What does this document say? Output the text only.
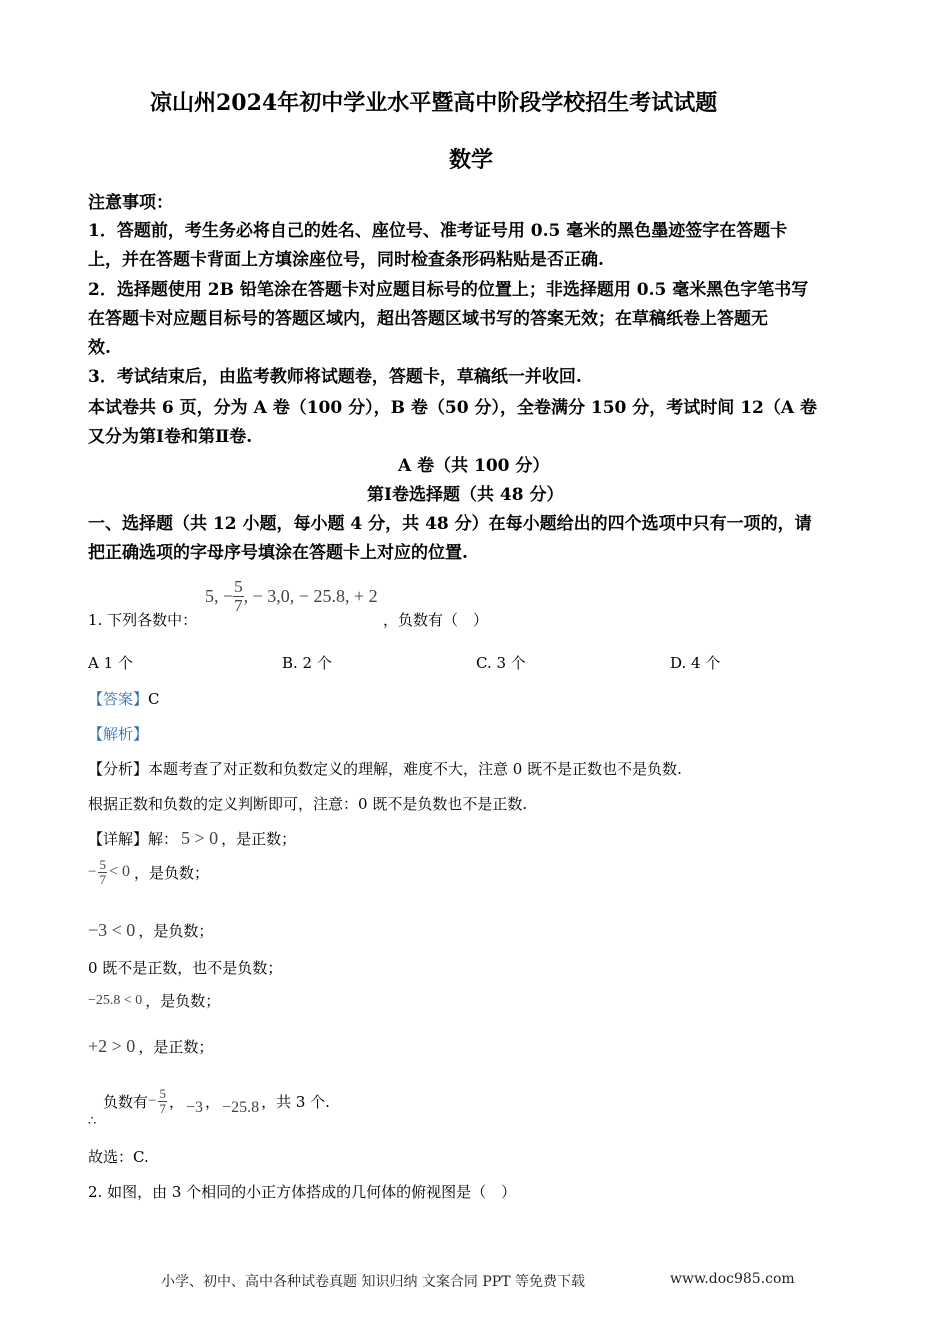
凉山州2024年初中学业水平暨高中阶段学校招生考试试题
数学
注意事项：
1．答题前，考生务必将自己的姓名、座位号、准考证号用 0.5 毫米的黑色墨迹签字在答题卡
上，并在答题卡背面上方填涂座位号，同时检查条形码粘贴是否正确.
2．选择题使用 2B 铅笔涂在答题卡对应题目标号的位置上；非选择题用 0.5 毫米黑色字笔书写
在答题卡对应题目标号的答题区域内，超出答题区域书写的答案无效；在草稿纸卷上答题无
效.
3．考试结束后，由监考教师将试题卷，答题卡，草稿纸一并收回.
本试卷共 6 页，分为 A 卷（100 分），B 卷（50 分），全卷满分 150 分，考试时间 12（A 卷
又分为第Ⅰ卷和第Ⅱ卷.
A 卷（共 100 分）
第Ⅰ卷选择题（共 48 分）
一、选择题（共 12 小题，每小题 4 分，共 48 分）在每小题给出的四个选项中只有一项的，请
把正确选项的字母序号填涂在答题卡上对应的位置.
1. 下列各数中：
5, − $\frac{5}{7}$ , − 3,0, − 25.8, + 2
，负数有（　）
A 1 个	B. 2 个	C. 3 个	D. 4 个
【答案】C
【解析】
【分析】本题考查了对正数和负数定义的理解，难度不大，注意 0 既不是正数也不是负数.
根据正数和负数的定义判断即可，注意：0 既不是负数也不是正数.
【详解】解： 5 > 0 ，是正数；
− $\frac{5}{7} < 0$ ，是负数；
−3 < 0 ，是负数；
0 既不是正数，也不是负数；
−25.8 < 0 ，是负数；
+2 > 0 ，是正数；
∴
负数有 − $\frac{5}{7}$ ， −3 ， −25.8 ，共 3 个.
故选：C.
2. 如图，由 3 个相同的小正方体搭成的几何体的俯视图是（　）
小学、初中、高中各种试卷真题 知识归纳 文案合同 PPT 等免费下载	www.doc985.com
